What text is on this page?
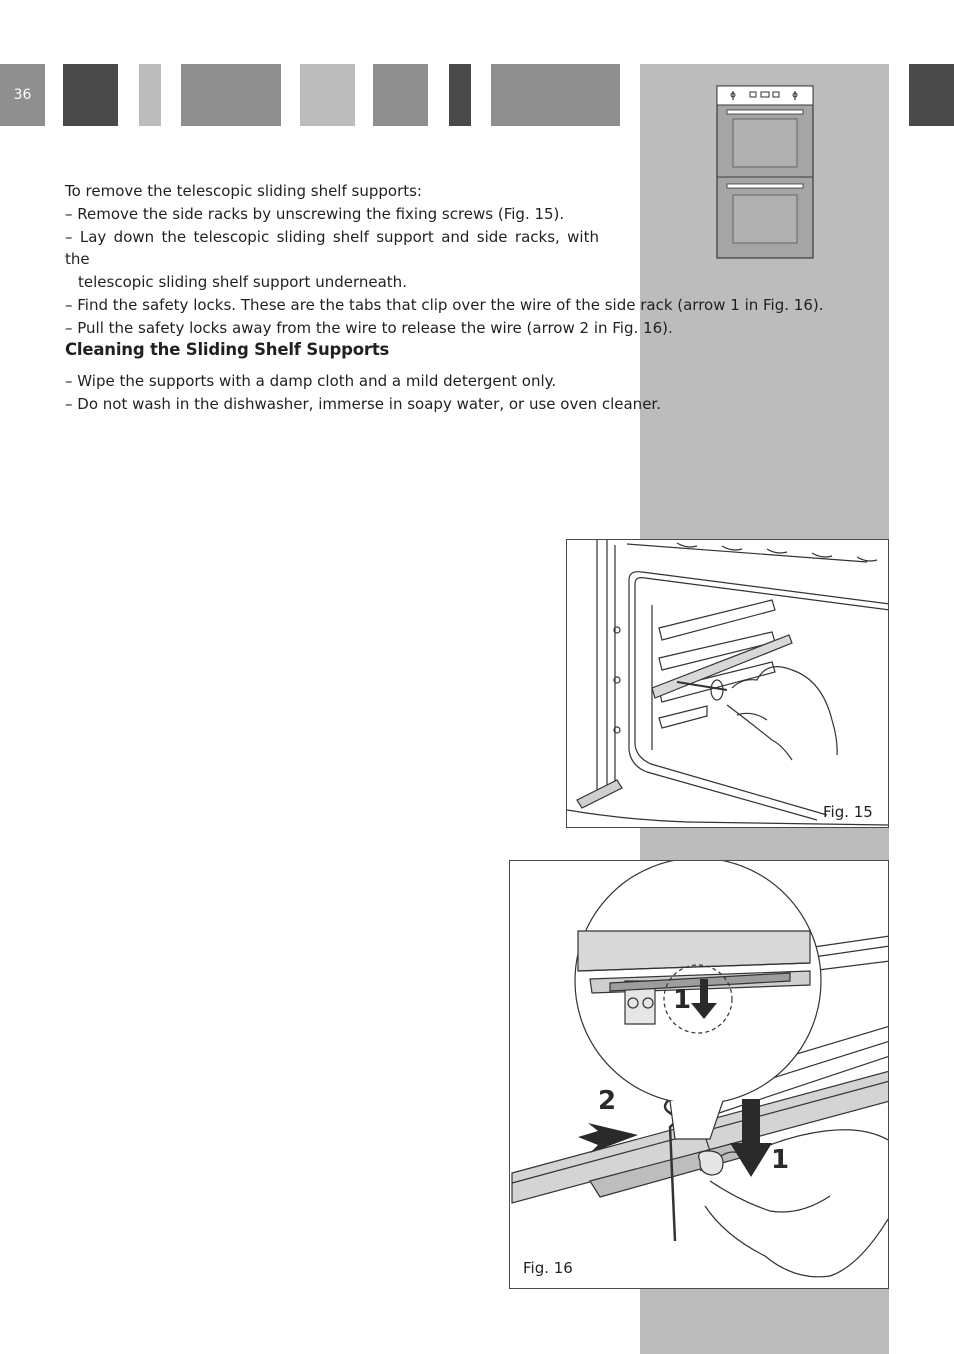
36

To remove the telescopic sliding shelf supports:

– Remove the side racks by unscrewing the fixing screws (Fig. 15).

– Lay down the telescopic sliding shelf support and side racks, with the

telescopic sliding shelf support underneath.

– Find the safety locks. These are the tabs that clip over the wire of the side rack (arrow 1 in Fig. 16).

– Pull the safety locks away from the wire to release the wire (arrow 2 in Fig. 16).

Cleaning the Sliding Shelf Supports

– Wipe the supports with a damp cloth and a mild detergent only.

– Do not wash in the dishwasher, immerse in soapy water, or use oven cleaner.

Fig. 15
1
2
1
Fig. 16
